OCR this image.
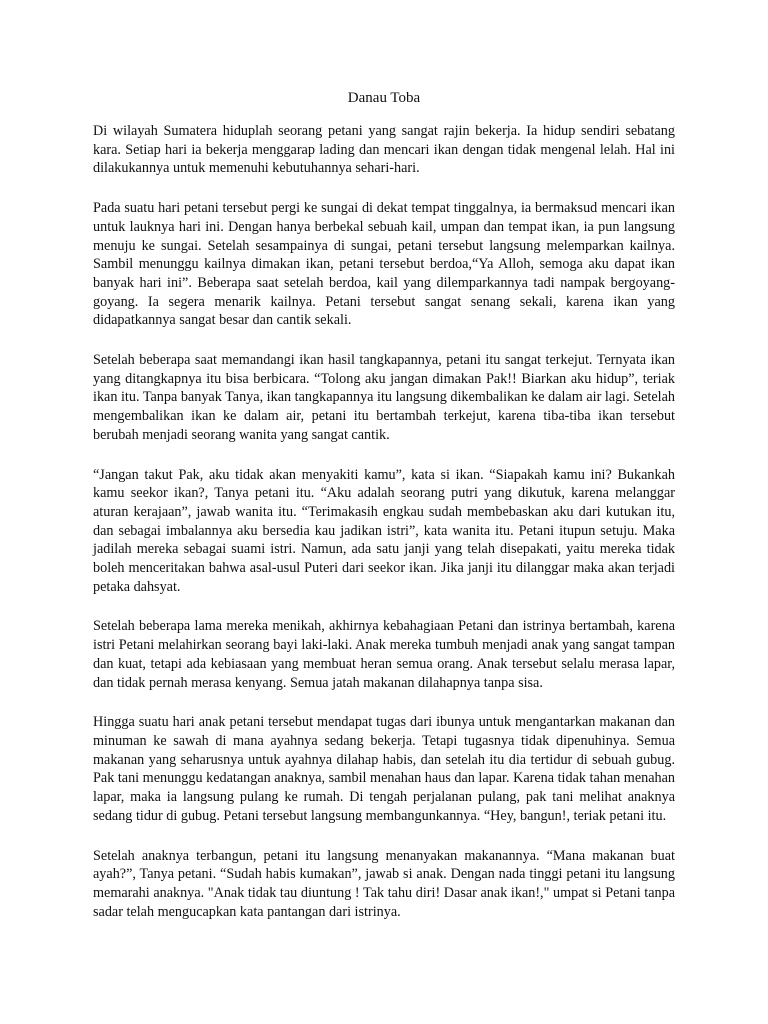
Danau Toba

Di wilayah Sumatera hiduplah seorang petani yang sangat rajin bekerja. Ia hidup sendiri sebatang kara. Setiap hari ia bekerja menggarap lading dan mencari ikan dengan tidak mengenal lelah. Hal ini dilakukannya untuk memenuhi kebutuhannya sehari-hari.

Pada suatu hari petani tersebut pergi ke sungai di dekat tempat tinggalnya, ia bermaksud mencari ikan untuk lauknya hari ini. Dengan hanya berbekal sebuah kail, umpan dan tempat ikan, ia pun langsung menuju ke sungai. Setelah sesampainya di sungai, petani tersebut langsung melemparkan kailnya. Sambil menunggu kailnya dimakan ikan, petani tersebut berdoa,“Ya Alloh, semoga aku dapat ikan banyak hari ini”. Beberapa saat setelah berdoa, kail yang dilemparkannya tadi nampak bergoyang-goyang. Ia segera menarik kailnya. Petani tersebut sangat senang sekali, karena ikan yang didapatkannya sangat besar dan cantik sekali.

Setelah beberapa saat memandangi ikan hasil tangkapannya, petani itu sangat terkejut. Ternyata ikan yang ditangkapnya itu bisa berbicara. “Tolong aku jangan dimakan Pak!! Biarkan aku hidup”, teriak ikan itu. Tanpa banyak Tanya, ikan tangkapannya itu langsung dikembalikan ke dalam air lagi. Setelah mengembalikan ikan ke dalam air, petani itu bertambah terkejut, karena tiba-tiba ikan tersebut berubah menjadi seorang wanita yang sangat cantik.

“Jangan takut Pak, aku tidak akan menyakiti kamu”, kata si ikan. “Siapakah kamu ini? Bukankah kamu seekor ikan?, Tanya petani itu. “Aku adalah seorang putri yang dikutuk, karena melanggar aturan kerajaan”, jawab wanita itu. “Terimakasih engkau sudah membebaskan aku dari kutukan itu, dan sebagai imbalannya aku bersedia kau jadikan istri”, kata wanita itu. Petani itupun setuju. Maka jadilah mereka sebagai suami istri. Namun, ada satu janji yang telah disepakati, yaitu mereka tidak boleh menceritakan bahwa asal-usul Puteri dari seekor ikan. Jika janji itu dilanggar maka akan terjadi petaka dahsyat.

Setelah beberapa lama mereka menikah, akhirnya kebahagiaan Petani dan istrinya bertambah, karena istri Petani melahirkan seorang bayi laki-laki. Anak mereka tumbuh menjadi anak yang sangat tampan dan kuat, tetapi ada kebiasaan yang membuat heran semua orang. Anak tersebut selalu merasa lapar, dan tidak pernah merasa kenyang. Semua jatah makanan dilahapnya tanpa sisa.

Hingga suatu hari anak petani tersebut mendapat tugas dari ibunya untuk mengantarkan makanan dan minuman ke sawah di mana ayahnya sedang bekerja. Tetapi tugasnya tidak dipenuhinya. Semua makanan yang seharusnya untuk ayahnya dilahap habis, dan setelah itu dia tertidur di sebuah gubug. Pak tani menunggu kedatangan anaknya, sambil menahan haus dan lapar. Karena tidak tahan menahan lapar, maka ia langsung pulang ke rumah. Di tengah perjalanan pulang, pak tani melihat anaknya sedang tidur di gubug. Petani tersebut langsung membangunkannya. “Hey, bangun!, teriak petani itu.

Setelah anaknya terbangun, petani itu langsung menanyakan makanannya. “Mana makanan buat ayah?”, Tanya petani. “Sudah habis kumakan”, jawab si anak. Dengan nada tinggi petani itu langsung memarahi anaknya. "Anak tidak tau diuntung ! Tak tahu diri! Dasar anak ikan!," umpat si Petani tanpa sadar telah mengucapkan kata pantangan dari istrinya.
